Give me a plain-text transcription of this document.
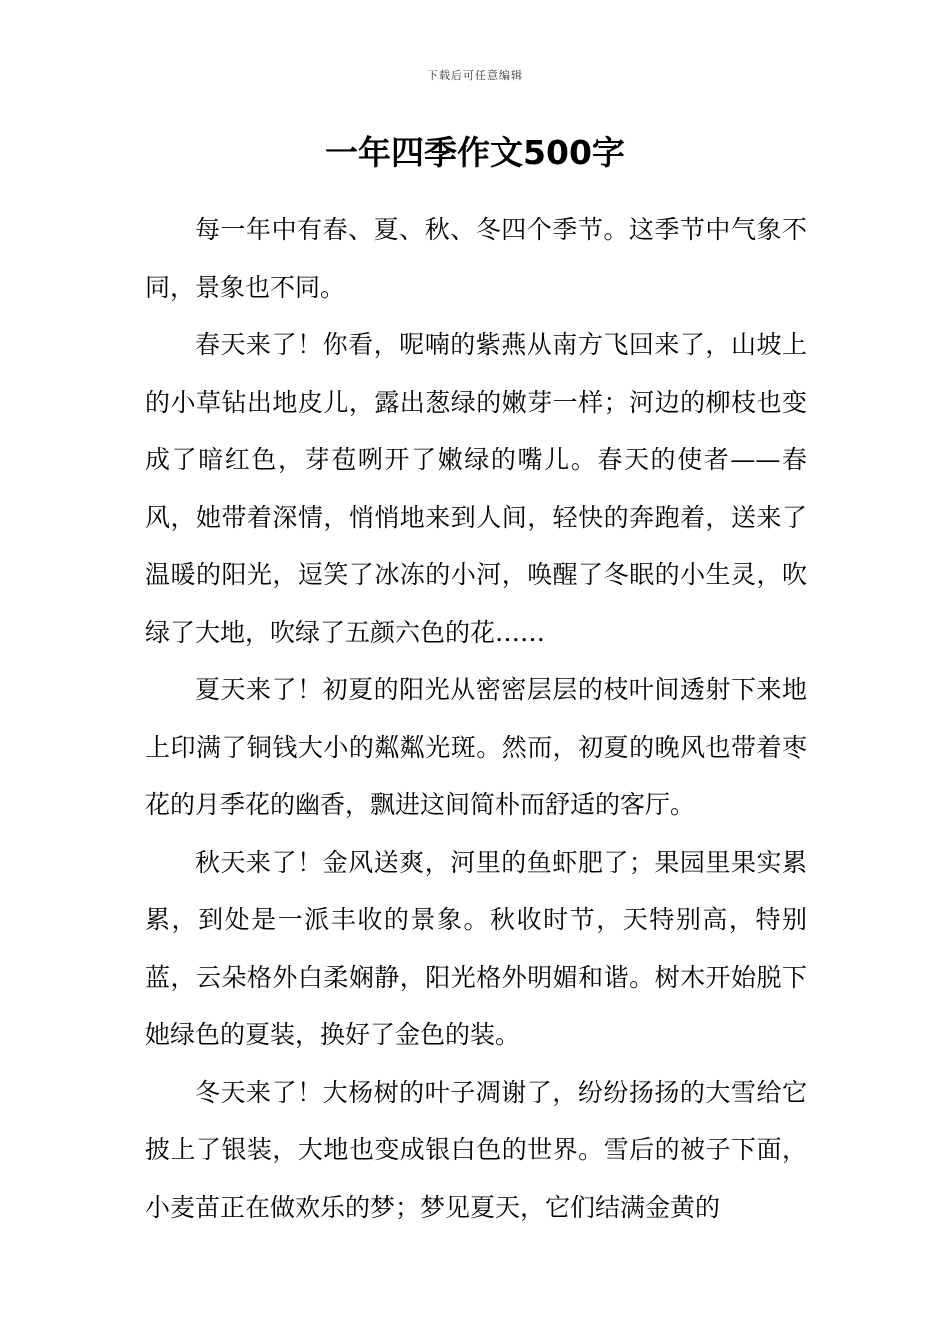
下载后可任意编辑
一年四季作文500字

每一年中有春、夏、秋、冬四个季节。这季节中气象不同，景象也不同。

春天来了！你看，呢喃的紫燕从南方飞回来了，山坡上的小草钻出地皮儿，露出葱绿的嫩芽一样；河边的柳枝也变成了暗红色，芽苞咧开了嫩绿的嘴儿。春天的使者——春风，她带着深情，悄悄地来到人间，轻快的奔跑着，送来了温暖的阳光，逗笑了冰冻的小河，唤醒了冬眠的小生灵，吹绿了大地，吹绿了五颜六色的花……

夏天来了！初夏的阳光从密密层层的枝叶间透射下来地上印满了铜钱大小的粼粼光斑。然而，初夏的晚风也带着枣花的月季花的幽香，飘进这间简朴而舒适的客厅。

秋天来了！金风送爽，河里的鱼虾肥了；果园里果实累累，到处是一派丰收的景象。秋收时节，天特别高，特别蓝，云朵格外白柔娴静，阳光格外明媚和谐。树木开始脱下她绿色的夏装，换好了金色的装。

冬天来了！大杨树的叶子凋谢了，纷纷扬扬的大雪给它披上了银装，大地也变成银白色的世界。雪后的被子下面，小麦苗正在做欢乐的梦；梦见夏天，它们结满金黄的
